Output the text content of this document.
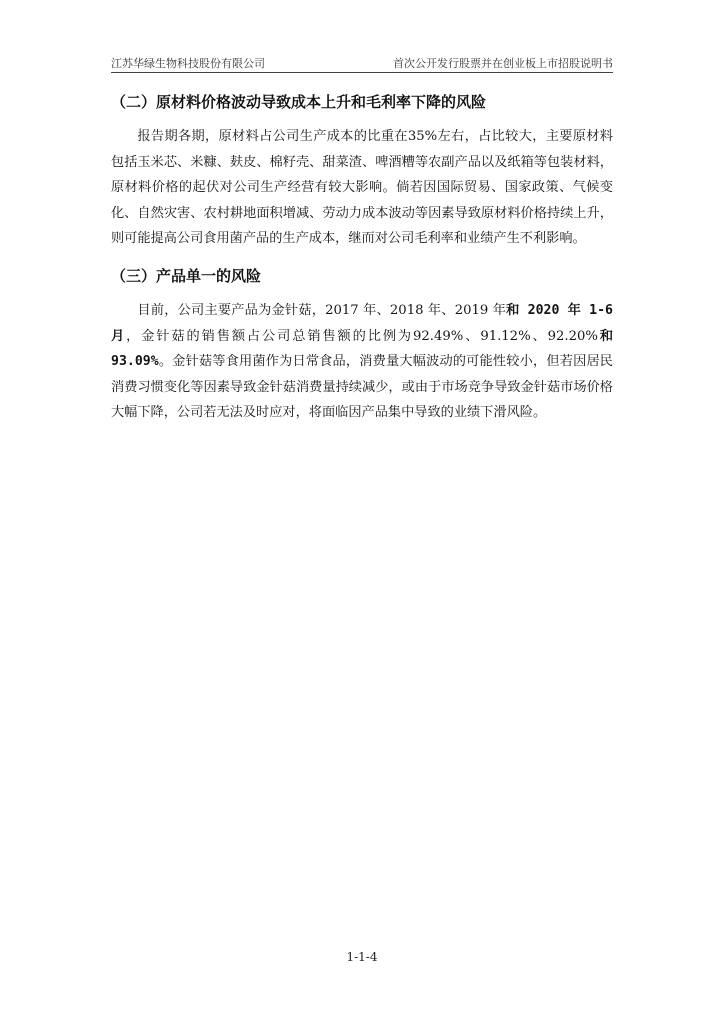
江苏华绿生物科技股份有限公司	首次公开发行股票并在创业板上市招股说明书
（二）原材料价格波动导致成本上升和毛利率下降的风险

报告期各期，原材料占公司生产成本的比重在35%左右，占比较大，主要原材料包括玉米芯、米糠、麸皮、棉籽壳、甜菜渣、啤酒糟等农副产品以及纸箱等包装材料，原材料价格的起伏对公司生产经营有较大影响。倘若因国际贸易、国家政策、气候变化、自然灾害、农村耕地面积增减、劳动力成本波动等因素导致原材料价格持续上升，则可能提高公司食用菌产品的生产成本，继而对公司毛利率和业绩产生不利影响。

（三）产品单一的风险

目前，公司主要产品为金针菇，2017 年、2018 年、2019 年和 2020 年 1-6 月，金针菇的销售额占公司总销售额的比例为92.49%、91.12%、92.20%和 93.09%。金针菇等食用菌作为日常食品，消费量大幅波动的可能性较小，但若因居民消费习惯变化等因素导致金针菇消费量持续减少，或由于市场竞争导致金针菇市场价格大幅下降，公司若无法及时应对，将面临因产品集中导致的业绩下滑风险。

1-1-4
